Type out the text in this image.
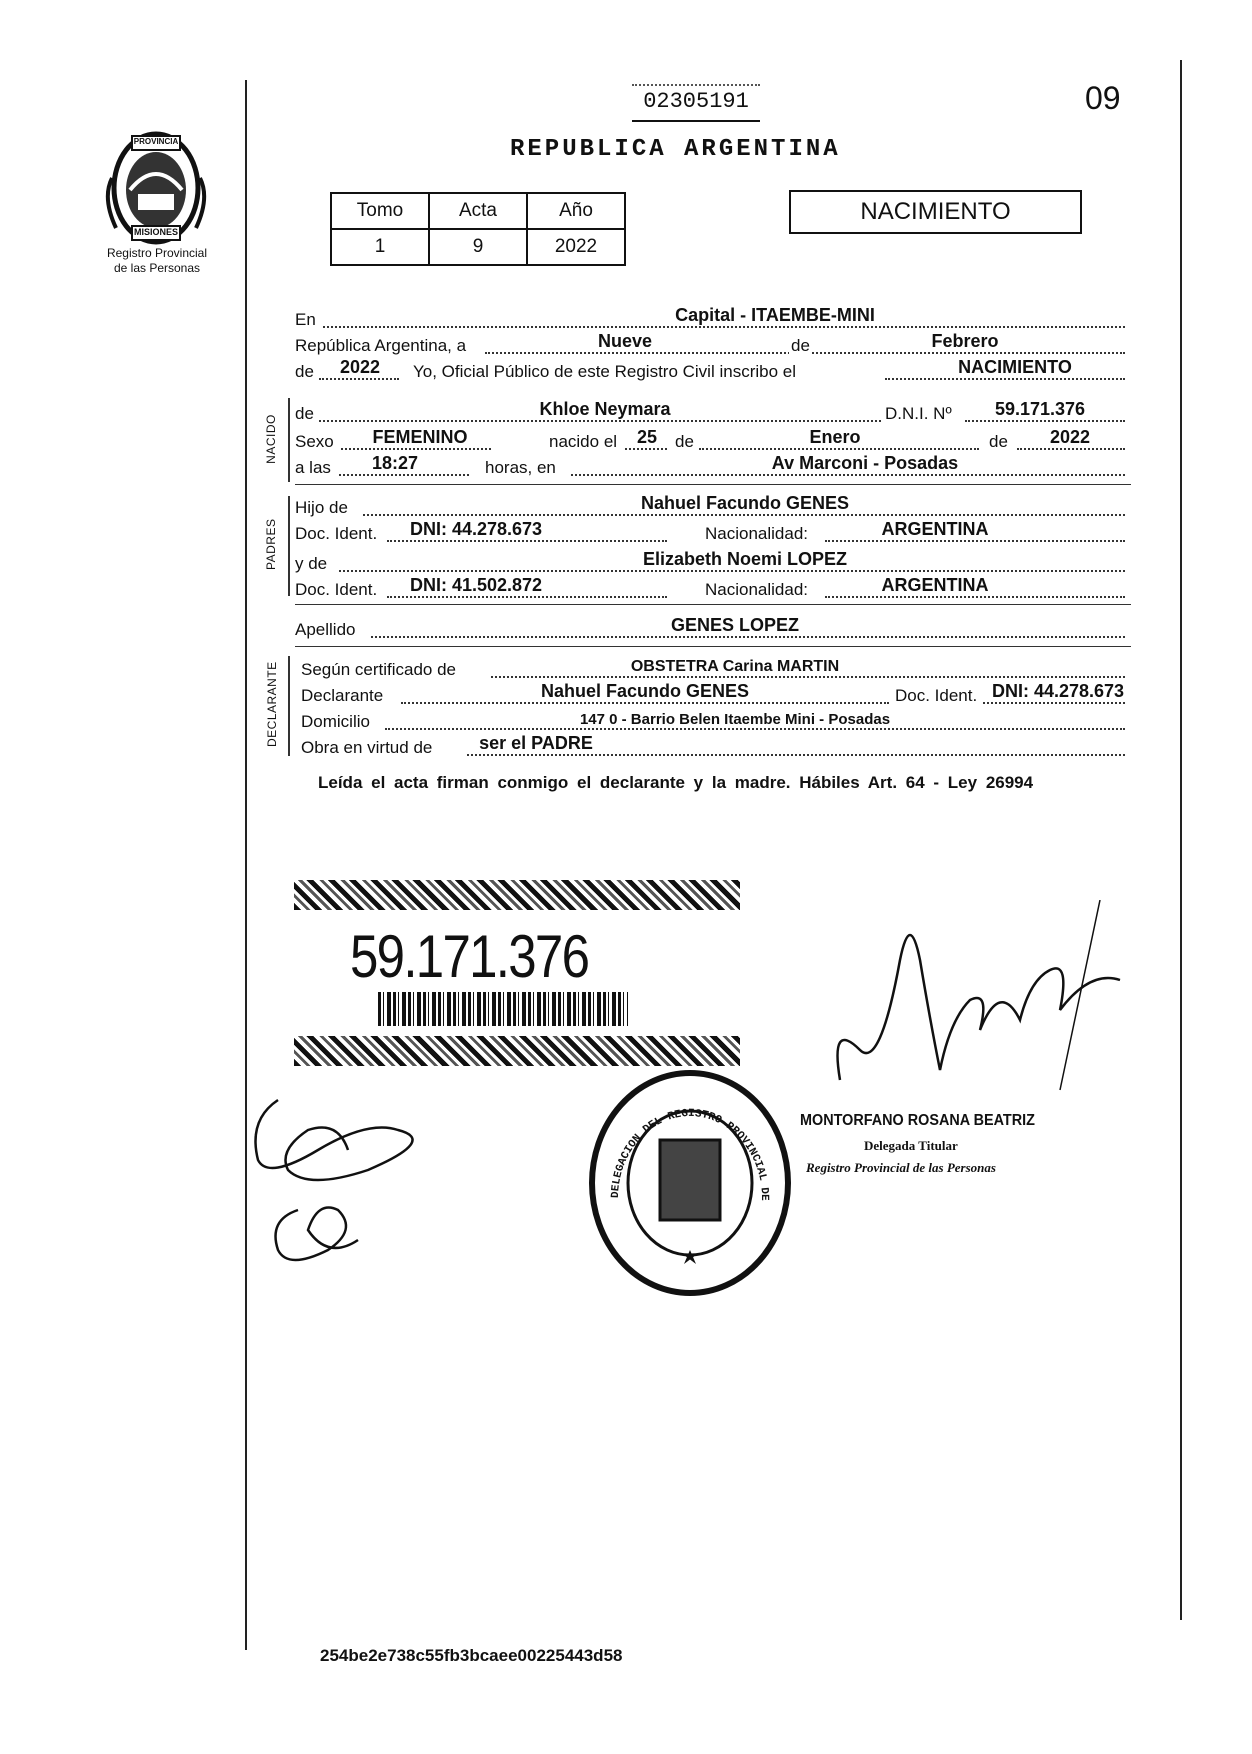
PROVINCIA
MISIONES
Registro Provincial
de las Personas
02305191	09
REPUBLICA ARGENTINA
Tomo	Acta	Año
1	9	2022
NACIMIENTO
En	Capital - ITAEMBE-MINI
República Argentina, a	Nueve	de	Febrero
de	2022	Yo, Oficial Público de este Registro Civil inscribo el	NACIMIENTO
NACIDO
de	Khloe Neymara	D.N.I. Nº	59.171.376
Sexo	FEMENINO	nacido el	25	de	Enero	de	2022
a las	18:27	horas, en	Av Marconi - Posadas
PADRES
Hijo de	Nahuel Facundo GENES
Doc. Ident.	DNI: 44.278.673	Nacionalidad:	ARGENTINA
y de	Elizabeth Noemi LOPEZ
Doc. Ident.	DNI: 41.502.872	Nacionalidad:	ARGENTINA
Apellido	GENES LOPEZ
DECLARANTE Según certificado de	OBSTETRA Carina MARTIN
Declarante	Nahuel Facundo GENES	Doc. Ident. DNI: 44.278.673
Domicilio	147 0 - Barrio Belen Itaembe Mini - Posadas
Obra en virtud de	ser el PADRE
Leída el acta firman conmigo el declarante y la madre. Hábiles Art. 64 - Ley 26994
59.171.376
DELEGACION DEL REGISTRO PROVINCIAL DE
MONTORFANO ROSANA BEATRIZ
Delegada Titular
Registro Provincial de las Personas
254be2e738c55fb3bcaee00225443d58
